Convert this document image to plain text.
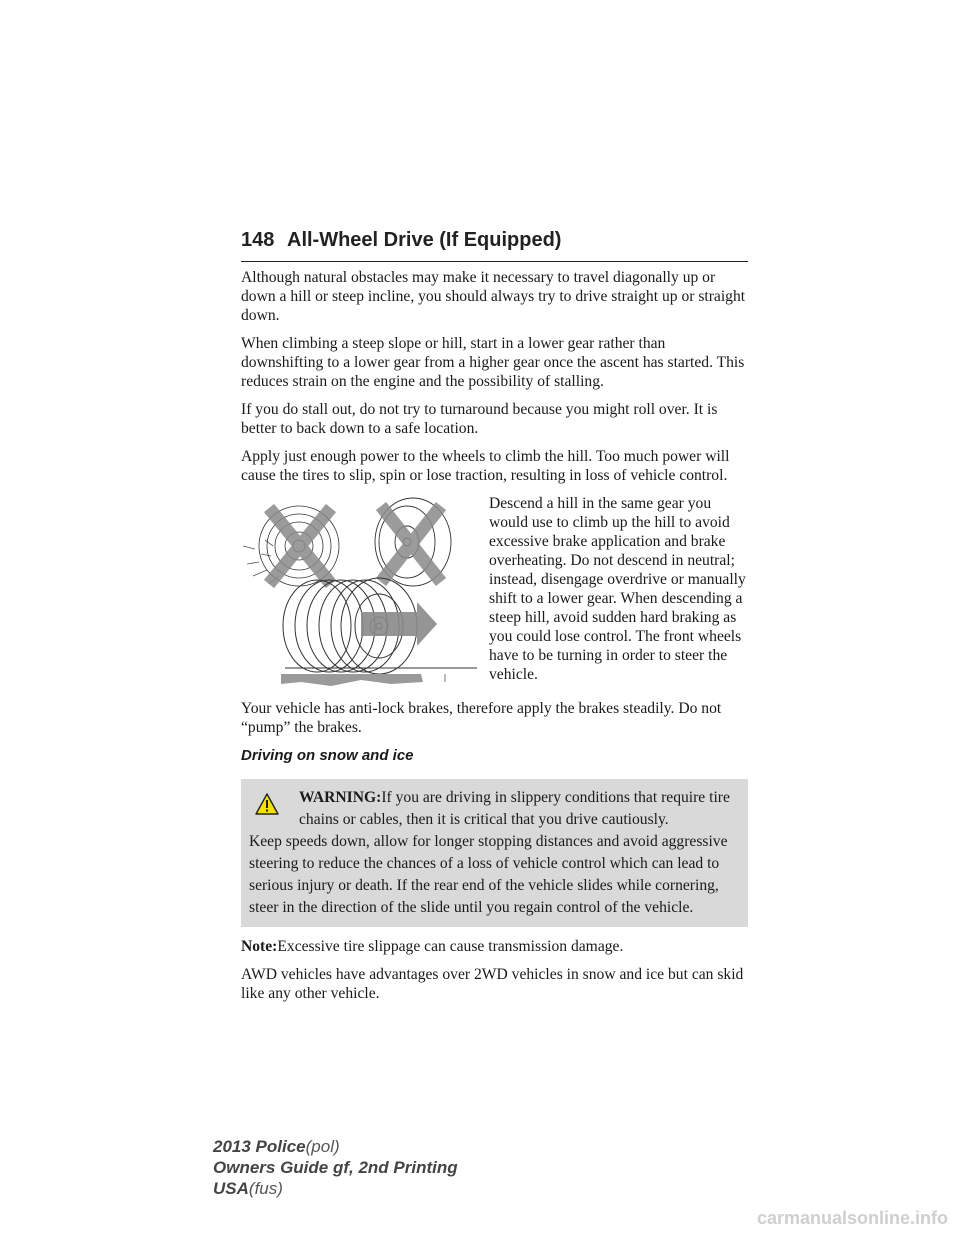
148 All-Wheel Drive (If Equipped)

Although natural obstacles may make it necessary to travel diagonally up or down a hill or steep incline, you should always try to drive straight up or straight down.

When climbing a steep slope or hill, start in a lower gear rather than downshifting to a lower gear from a higher gear once the ascent has started. This reduces strain on the engine and the possibility of stalling.

If you do stall out, do not try to turnaround because you might roll over. It is better to back down to a safe location.

Apply just enough power to the wheels to climb the hill. Too much power will cause the tires to slip, spin or lose traction, resulting in loss of vehicle control.

Descend a hill in the same gear you would use to climb up the hill to avoid excessive brake application and brake overheating. Do not descend in neutral; instead, disengage overdrive or manually shift to a lower gear. When descending a steep hill, avoid sudden hard braking as you could lose control. The front wheels have to be turning in order to steer the vehicle.

Your vehicle has anti-lock brakes, therefore apply the brakes steadily. Do not “pump” the brakes.

Driving on snow and ice
WARNING:If you are driving in slippery conditions that require tire chains or cables, then it is critical that you drive cautiously.
Keep speeds down, allow for longer stopping distances and avoid aggressive steering to reduce the chances of a loss of vehicle control which can lead to serious injury or death. If the rear end of the vehicle slides while cornering, steer in the direction of the slide until you regain control of the vehicle.

Note:Excessive tire slippage can cause transmission damage.

AWD vehicles have advantages over 2WD vehicles in snow and ice but can skid like any other vehicle.

2013 Police(pol)
Owners Guide gf, 2nd Printing
USA(fus)
carmanualsonline.info
